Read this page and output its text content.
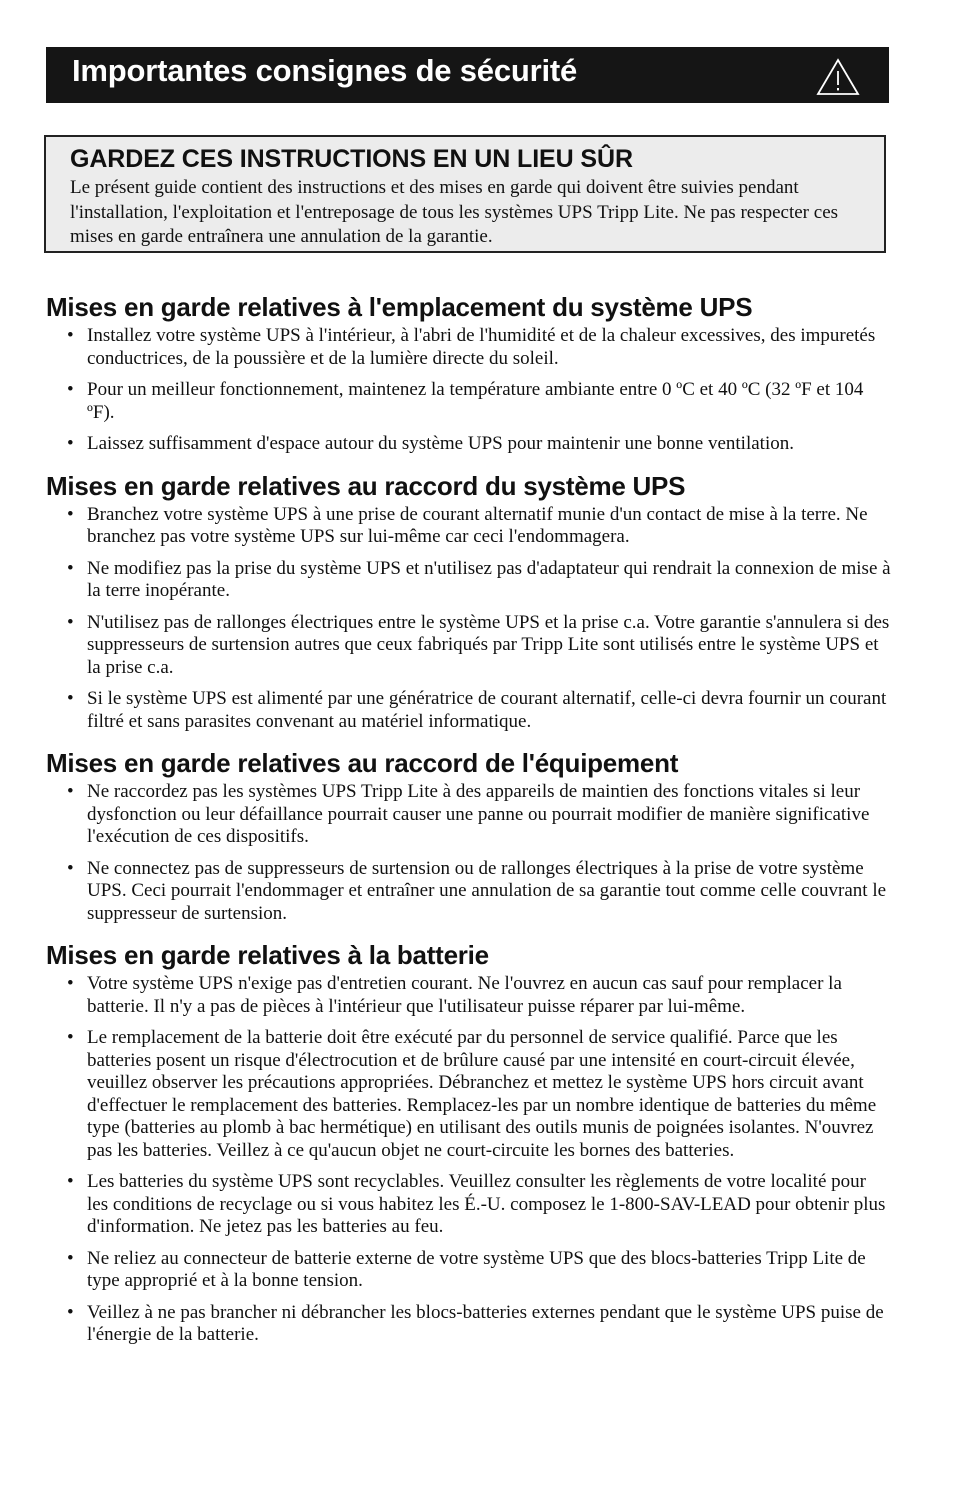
Importantes consignes de sécurité

GARDEZ CES INSTRUCTIONS EN UN LIEU SÛR

Le présent guide contient des instructions et des mises en garde qui doivent être suivies pendant l'installation, l'exploitation et l'entreposage de tous les systèmes UPS Tripp Lite. Ne pas respecter ces mises en garde entraînera une annulation de la garantie.

Mises en garde relatives à l'emplacement du système UPS
• Installez votre système UPS à l'intérieur, à l'abri de l'humidité et de la chaleur excessives, des impuretés conductrices, de la poussière et de la lumière directe du soleil.
• Pour un meilleur fonctionnement, maintenez la température ambiante entre 0 ºC et 40 ºC (32 ºF et 104 ºF).
• Laissez suffisamment d'espace autour du système UPS pour maintenir une bonne ventilation.
Mises en garde relatives au raccord du système UPS
• Branchez votre système UPS à une prise de courant alternatif munie d'un contact de mise à la terre. Ne branchez pas votre système UPS sur lui-même car ceci l'endommagera.
• Ne modifiez pas la prise du système UPS et n'utilisez pas d'adaptateur qui rendrait la connexion de mise à la terre inopérante.
• N'utilisez pas de rallonges électriques entre le système UPS et la prise c.a. Votre garantie s'annulera si des suppresseurs de surtension autres que ceux fabriqués par Tripp Lite sont utilisés entre le système UPS et la prise c.a.
• Si le système UPS est alimenté par une génératrice de courant alternatif, celle-ci devra fournir un courant filtré et sans parasites convenant au matériel informatique.
Mises en garde relatives au raccord de l'équipement
• Ne raccordez pas les systèmes UPS Tripp Lite à des appareils de maintien des fonctions vitales si leur dysfonction ou leur défaillance pourrait causer une panne ou pourrait modifier de manière significative l'exécution de ces dispositifs.
• Ne connectez pas de suppresseurs de surtension ou de rallonges électriques à la prise de votre système UPS. Ceci pourrait l'endommager et entraîner une annulation de sa garantie tout comme celle couvrant le suppresseur de surtension.
Mises en garde relatives à la batterie
• Votre système UPS n'exige pas d'entretien courant. Ne l'ouvrez en aucun cas sauf pour remplacer la batterie. Il n'y a pas de pièces à l'intérieur que l'utilisateur puisse réparer par lui-même.
• Le remplacement de la batterie doit être exécuté par du personnel de service qualifié. Parce que les batteries posent un risque d'électrocution et de brûlure causé par une intensité en court-circuit élevée, veuillez observer les précautions appropriées. Débranchez et mettez le système UPS hors circuit avant d'effectuer le remplacement des batteries. Remplacez-les par un nombre identique de batteries du même type (batteries au plomb à bac hermétique) en utilisant des outils munis de poignées isolantes. N'ouvrez pas les batteries. Veillez à ce qu'aucun objet ne court-circuite les bornes des batteries.
• Les batteries du système UPS sont recyclables. Veuillez consulter les règlements de votre localité pour les conditions de recyclage ou si vous habitez les É.-U. composez le 1-800-SAV-LEAD pour obtenir plus d'information. Ne jetez pas les batteries au feu.
• Ne reliez au connecteur de batterie externe de votre système UPS que des blocs-batteries Tripp Lite de type approprié et à la bonne tension.
• Veillez à ne pas brancher ni débrancher les blocs-batteries externes pendant que le système UPS puise de l'énergie de la batterie.
